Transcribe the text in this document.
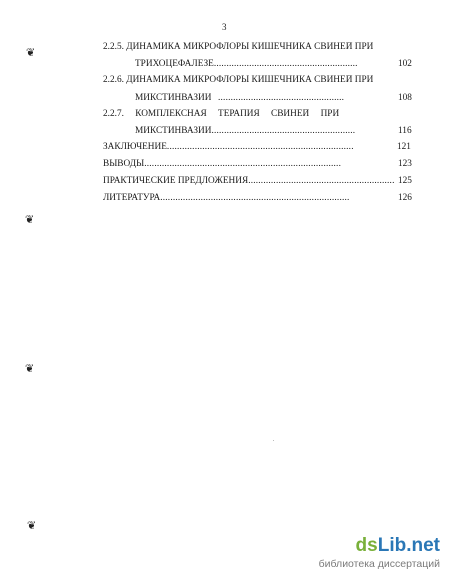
3
2.2.5. ДИНАМИКА МИКРОФЛОРЫ КИШЕЧНИКА СВИНЕЙ ПРИ
ТРИХОЦЕФАЛЕЗЕ.........................................................	102
2.2.6. ДИНАМИКА МИКРОФЛОРЫ КИШЕЧНИКА СВИНЕЙ ПРИ
МИКСТИНВАЗИИ ..................................................	108
2.2.7. КОМПЛЕКСНАЯ ТЕРАПИЯ СВИНЕЙ ПРИ
МИКСТИНВАЗИИ.........................................................	116
ЗАКЛЮЧЕНИЕ..........................................................................	121
ВЫВОДЫ..............................................................................	123
ПРАКТИЧЕСКИЕ ПРЕДЛОЖЕНИЯ.......................................................... 125
ЛИТЕРАТУРА...........................................................................	126
❦
❦
❦
❦
dsLib.net
библиотека диссертаций
